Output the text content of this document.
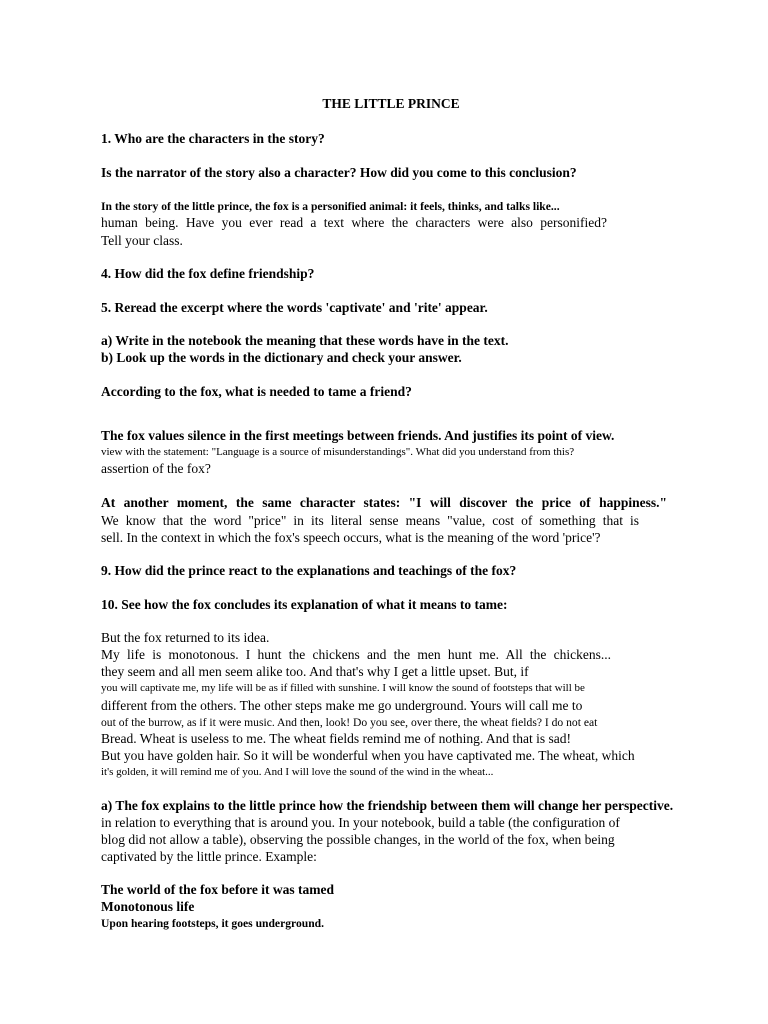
THE LITTLE PRINCE
1. Who are the characters in the story?
Is the narrator of the story also a character? How did you come to this conclusion?
In the story of the little prince, the fox is a personified animal: it feels, thinks, and talks like...
human being. Have you ever read a text where the characters were also personified?
Tell your class.
4. How did the fox define friendship?
5. Reread the excerpt where the words 'captivate' and 'rite' appear.
a) Write in the notebook the meaning that these words have in the text.
b) Look up the words in the dictionary and check your answer.
According to the fox, what is needed to tame a friend?
The fox values silence in the first meetings between friends. And justifies its point of view.
view with the statement: "Language is a source of misunderstandings". What did you understand from this?
assertion of the fox?
At another moment, the same character states: "I will discover the price of happiness."
We know that the word "price" in its literal sense means "value, cost of something that is
sell. In the context in which the fox's speech occurs, what is the meaning of the word 'price'?
9. How did the prince react to the explanations and teachings of the fox?
10. See how the fox concludes its explanation of what it means to tame:
But the fox returned to its idea.
My life is monotonous. I hunt the chickens and the men hunt me. All the chickens...
they seem and all men seem alike too. And that's why I get a little upset. But, if
you will captivate me, my life will be as if filled with sunshine. I will know the sound of footsteps that will be
different from the others. The other steps make me go underground. Yours will call me to
out of the burrow, as if it were music. And then, look! Do you see, over there, the wheat fields? I do not eat
Bread. Wheat is useless to me. The wheat fields remind me of nothing. And that is sad!
But you have golden hair. So it will be wonderful when you have captivated me. The wheat, which
it's golden, it will remind me of you. And I will love the sound of the wind in the wheat...
a) The fox explains to the little prince how the friendship between them will change her perspective.
in relation to everything that is around you. In your notebook, build a table (the configuration of
blog did not allow a table), observing the possible changes, in the world of the fox, when being
captivated by the little prince. Example:
The world of the fox before it was tamed
Monotonous life
Upon hearing footsteps, it goes underground.
